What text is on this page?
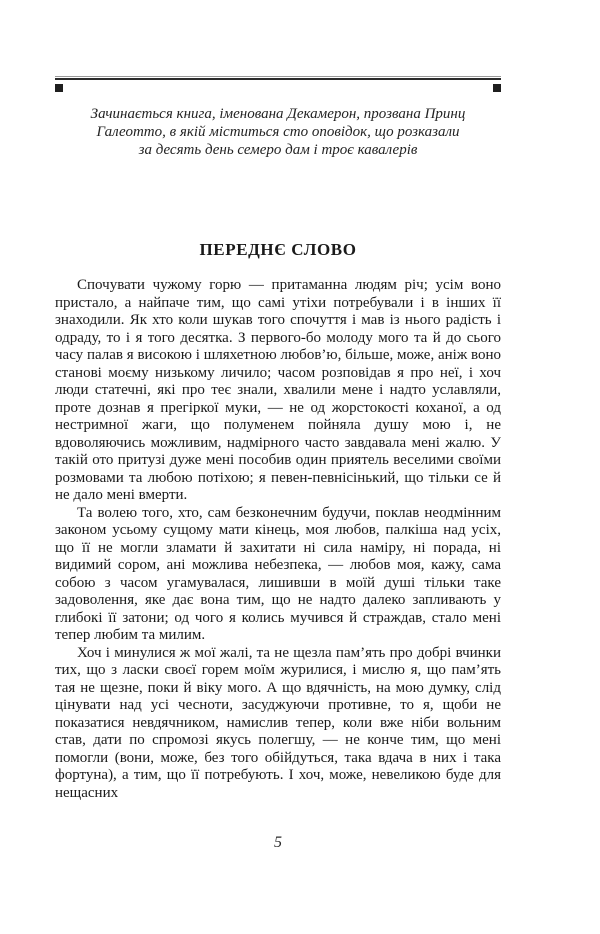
Зачинається книга, іменована Декамерон, прозвана Принц
Галеотто, в якій міститься сто оповідок, що розказали
за десять день семеро дам і троє кавалерів
ПЕРЕДНЄ СЛОВО

Спочувати чужому горю — притаманна людям річ; усім воно пристало, а найпаче тим, що самі утіхи потребували і в інших її знаходили. Як хто коли шукав того спочуття і мав із нього радість і одраду, то і я того десятка. З первого-бо молоду мого та й до сього часу палав я високою і шляхетною любов’ю, більше, може, аніж воно станові моєму низькому личило; часом розповідав я про неї, і хоч люди статечні, які про теє знали, хвалили мене і надто уславляли, проте дознав я прегіркої муки, — не од жорстокості коханої, а од нестримної жаги, що полуменем пойняла душу мою і, не вдоволяючись можливим, надмірного часто завдавала мені жалю. У такій ото притузі дуже мені пособив один приятель веселими своїми розмовами та любою потіхою; я певен-певнісінький, що тільки се й не дало мені вмерти.

Та волею того, хто, сам безконечним будучи, поклав неодмінним законом усьому сущому мати кінець, моя любов, палкіша над усіх, що її не могли зламати й захитати ні сила наміру, ні порада, ні видимий сором, ані можлива небезпека, — любов моя, кажу, сама собою з часом угамувалася, лишивши в моїй душі тільки таке задоволення, яке дає вона тим, що не надто далеко запливають у глибокі її затони; од чого я колись мучився й страждав, стало мені тепер любим та милим.

Хоч і минулися ж мої жалі, та не щезла пам’ять про добрі вчинки тих, що з ласки своєї горем моїм журилися, і мислю я, що пам’ять тая не щезне, поки й віку мого. А що вдячність, на мою думку, слід цінувати над усі чесноти, засуджуючи противне, то я, щоби не показатися невдячником, намислив тепер, коли вже ніби вольним став, дати по спромозі якусь полегшу, — не конче тим, що мені помогли (вони, може, без того обійдуться, така вдача в них і така фортуна), а тим, що її потребують. І хоч, може, невеликою буде для нещасних

5
